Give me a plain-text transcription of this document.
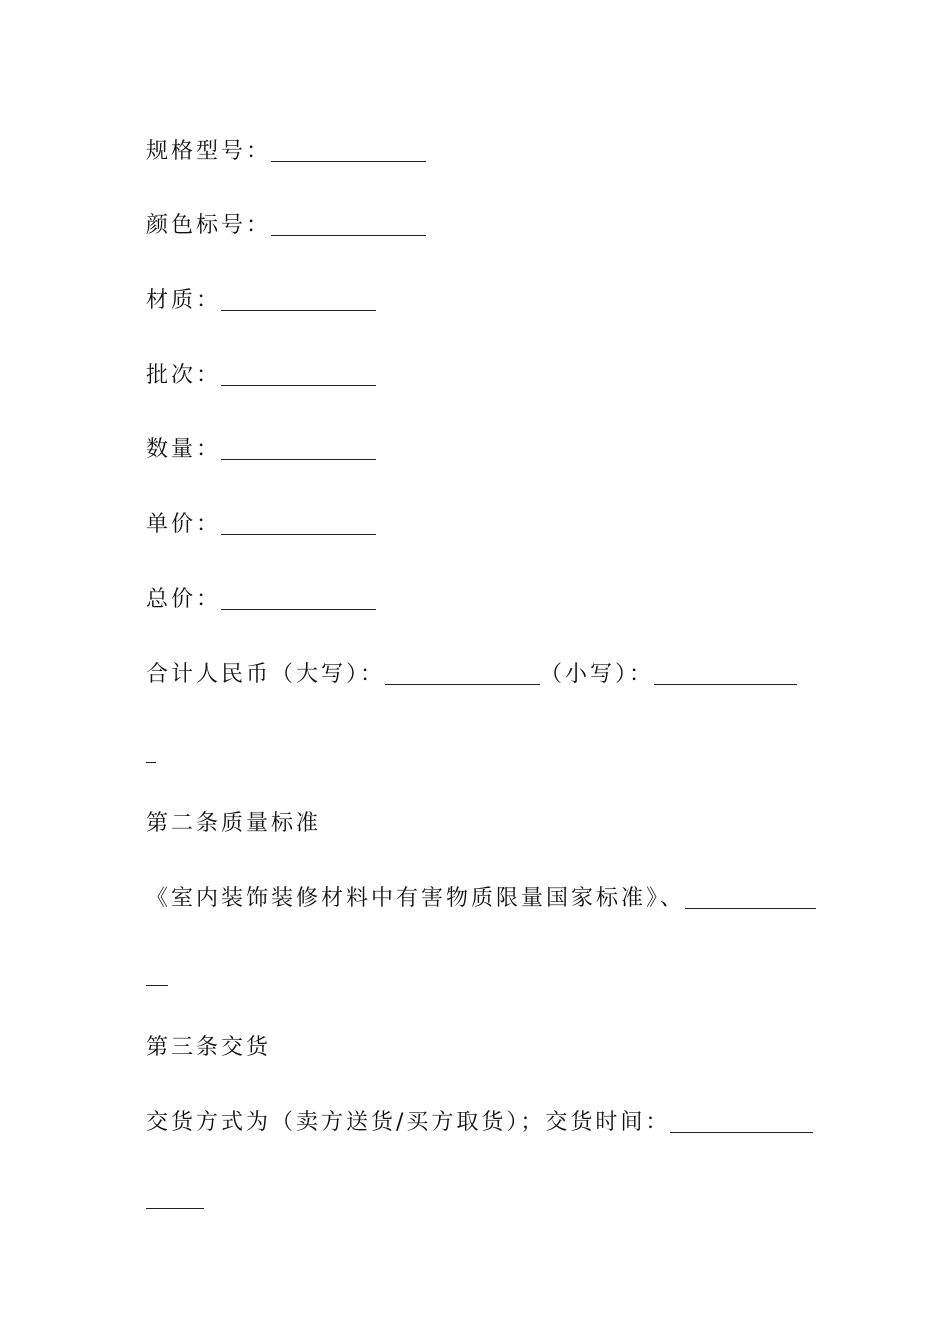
规格型号：
颜色标号：
材质：
批次：
数量：
单价：
总价：
合计人民币（大写）：	（小写）：
第二条质量标准
《室内装饰装修材料中有害物质限量国家标准》、
第三条交货
交货方式为（卖方送货/买方取货）；交货时间：
